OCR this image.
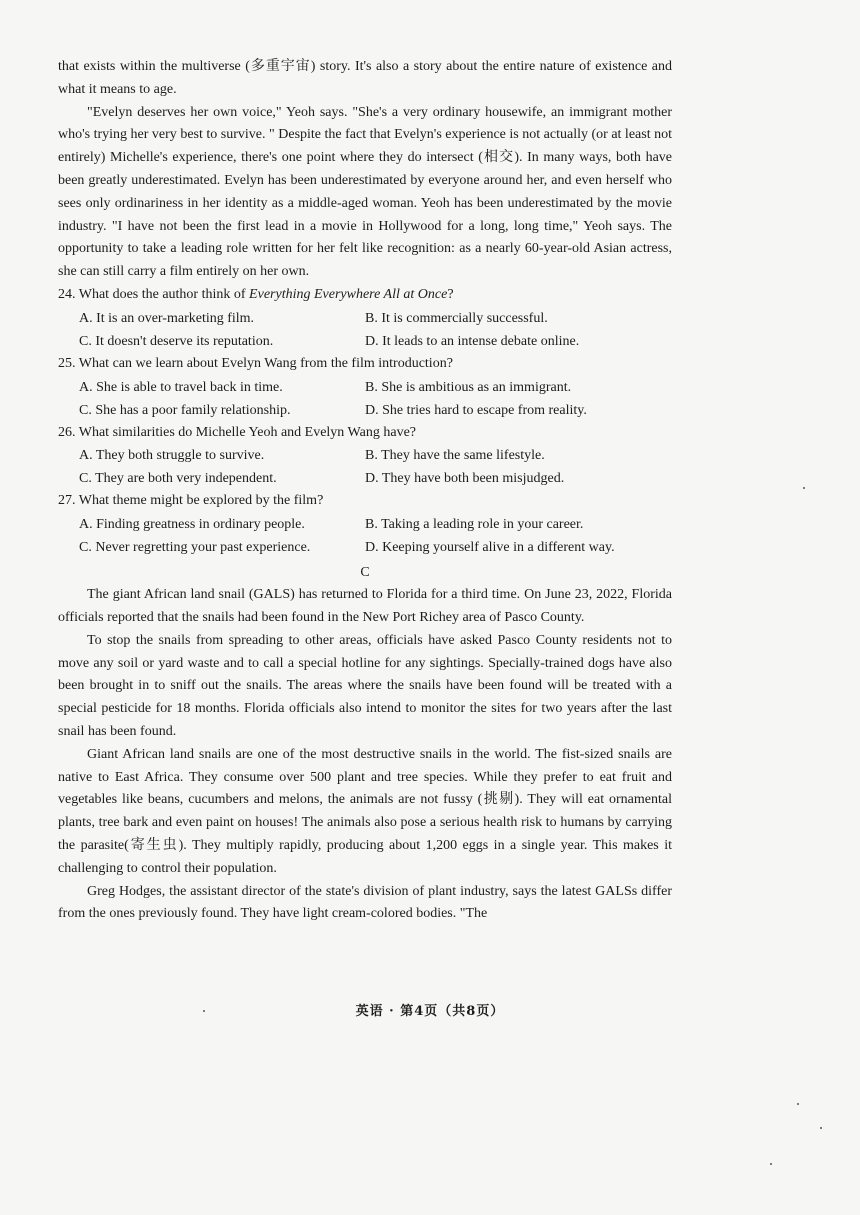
that exists within the multiverse (多重宇宙) story. It's also a story about the entire nature of existence and what it means to age.

"Evelyn deserves her own voice," Yeoh says. "She's a very ordinary housewife, an immigrant mother who's trying her very best to survive. " Despite the fact that Evelyn's experience is not actually (or at least not entirely) Michelle's experience, there's one point where they do intersect (相交). In many ways, both have been greatly underestimated. Evelyn has been underestimated by everyone around her, and even herself who sees only ordinariness in her identity as a middle-aged woman. Yeoh has been underestimated by the movie industry. "I have not been the first lead in a movie in Hollywood for a long, long time," Yeoh says. The opportunity to take a leading role written for her felt like recognition: as a nearly 60-year-old Asian actress, she can still carry a film entirely on her own.

24. What does the author think of Everything Everywhere All at Once?

A. It is an over-marketing film.	B. It is commercially successful.
C. It doesn't deserve its reputation.	D. It leads to an intense debate online.

25. What can we learn about Evelyn Wang from the film introduction?

A. She is able to travel back in time.	B. She is ambitious as an immigrant.
C. She has a poor family relationship.	D. She tries hard to escape from reality.

26. What similarities do Michelle Yeoh and Evelyn Wang have?

A. They both struggle to survive.	B. They have the same lifestyle.
C. They are both very independent.	D. They have both been misjudged.

27. What theme might be explored by the film?

A. Finding greatness in ordinary people.	B. Taking a leading role in your career.
C. Never regretting your past experience.	D. Keeping yourself alive in a different way.
C

The giant African land snail (GALS) has returned to Florida for a third time. On June 23, 2022, Florida officials reported that the snails had been found in the New Port Richey area of Pasco County.

To stop the snails from spreading to other areas, officials have asked Pasco County residents not to move any soil or yard waste and to call a special hotline for any sightings. Specially-trained dogs have also been brought in to sniff out the snails. The areas where the snails have been found will be treated with a special pesticide for 18 months. Florida officials also intend to monitor the sites for two years after the last snail has been found.

Giant African land snails are one of the most destructive snails in the world. The fist-sized snails are native to East Africa. They consume over 500 plant and tree species. While they prefer to eat fruit and vegetables like beans, cucumbers and melons, the animals are not fussy (挑剔). They will eat ornamental plants, tree bark and even paint on houses! The animals also pose a serious health risk to humans by carrying the parasite(寄生虫). They multiply rapidly, producing about 1,200 eggs in a single year. This makes it challenging to control their population.

Greg Hodges, the assistant director of the state's division of plant industry, says the latest GALSs differ from the ones previously found. They have light cream-colored bodies. "The

英语 · 第4页（共8页）
